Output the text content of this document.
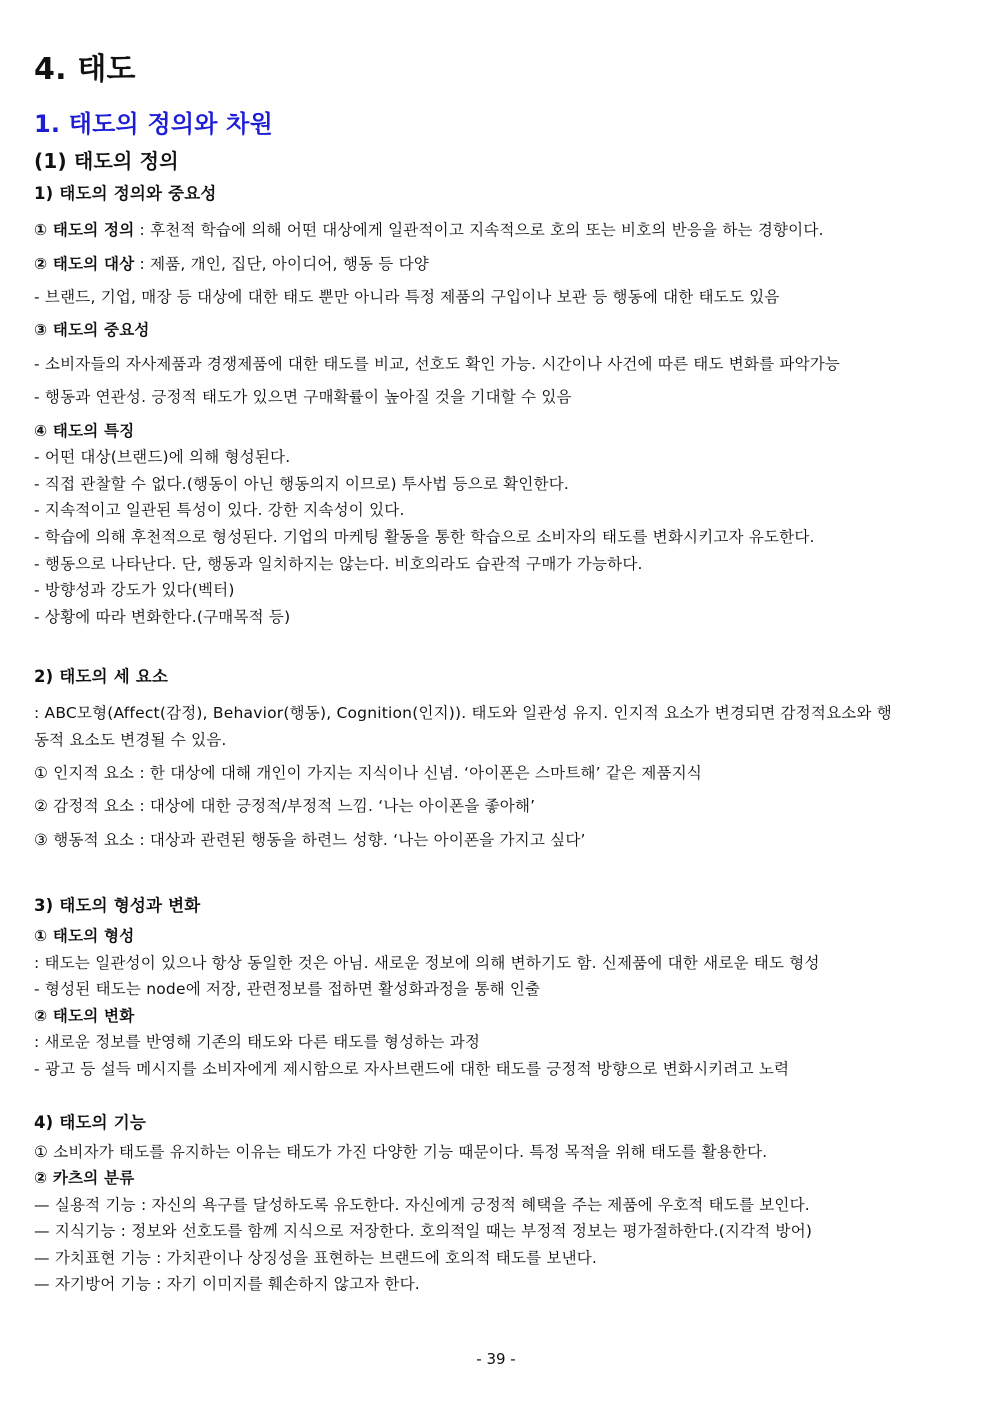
4. 태도
1. 태도의 정의와 차원
(1) 태도의 정의
1) 태도의 정의와 중요성
① 태도의 정의 : 후천적 학습에 의해 어떤 대상에게 일관적이고 지속적으로 호의 또는 비호의 반응을 하는 경향이다.
② 태도의 대상 : 제품, 개인, 집단, 아이디어, 행동 등 다양
- 브랜드, 기업, 매장 등 대상에 대한 태도 뿐만 아니라 특정 제품의 구입이나 보관 등 행동에 대한 태도도 있음
③ 태도의 중요성
- 소비자들의 자사제품과 경쟁제품에 대한 태도를 비교, 선호도 확인 가능. 시간이나 사건에 따른 태도 변화를 파악가능
- 행동과 연관성. 긍정적 태도가 있으면 구매확률이 높아질 것을 기대할 수 있음
④ 태도의 특징
- 어떤 대상(브랜드)에 의해 형성된다.
- 직접 관찰할 수 없다.(행동이 아닌 행동의지 이므로) 투사법 등으로 확인한다.
- 지속적이고 일관된 특성이 있다. 강한 지속성이 있다.
- 학습에 의해 후천적으로 형성된다. 기업의 마케팅 활동을 통한 학습으로 소비자의 태도를 변화시키고자 유도한다.
- 행동으로 나타난다. 단, 행동과 일치하지는 않는다. 비호의라도 습관적 구매가 가능하다.
- 방향성과 강도가 있다(벡터)
- 상황에 따라 변화한다.(구매목적 등)
2) 태도의 세 요소
: ABC모형(Affect(감정), Behavior(행동), Cognition(인지)). 태도와 일관성 유지. 인지적 요소가 변경되면 감정적요소와 행
동적 요소도 변경될 수 있음.
① 인지적 요소 : 한 대상에 대해 개인이 가지는 지식이나 신념. ‘아이폰은 스마트해’ 같은 제품지식
② 감정적 요소 : 대상에 대한 긍정적/부정적 느낌. ‘나는 아이폰을 좋아해’
③ 행동적 요소 : 대상과 관련된 행동을 하련느 성향. ‘나는 아이폰을 가지고 싶다’
3) 태도의 형성과 변화
① 태도의 형성
: 태도는 일관성이 있으나 항상 동일한 것은 아님. 새로운 정보에 의해 변하기도 함. 신제품에 대한 새로운 태도 형성
- 형성된 태도는 node에 저장, 관련정보를 접하면 활성화과정을 통해 인출
② 태도의 변화
: 새로운 정보를 반영해 기존의 태도와 다른 태도를 형성하는 과정
- 광고 등 설득 메시지를 소비자에게 제시함으로 자사브랜드에 대한 태도를 긍정적 방향으로 변화시키려고 노력
4) 태도의 기능
① 소비자가 태도를 유지하는 이유는 태도가 가진 다양한 기능 때문이다. 특정 목적을 위해 태도를 활용한다.
② 카츠의 분류
— 실용적 기능 : 자신의 욕구를 달성하도록 유도한다. 자신에게 긍정적 혜택을 주는 제품에 우호적 태도를 보인다.
— 지식기능 : 정보와 선호도를 함께 지식으로 저장한다. 호의적일 때는 부정적 정보는 평가절하한다.(지각적 방어)
— 가치표현 기능 : 가치관이나 상징성을 표현하는 브랜드에 호의적 태도를 보낸다.
— 자기방어 기능 : 자기 이미지를 훼손하지 않고자 한다.
- 39 -
